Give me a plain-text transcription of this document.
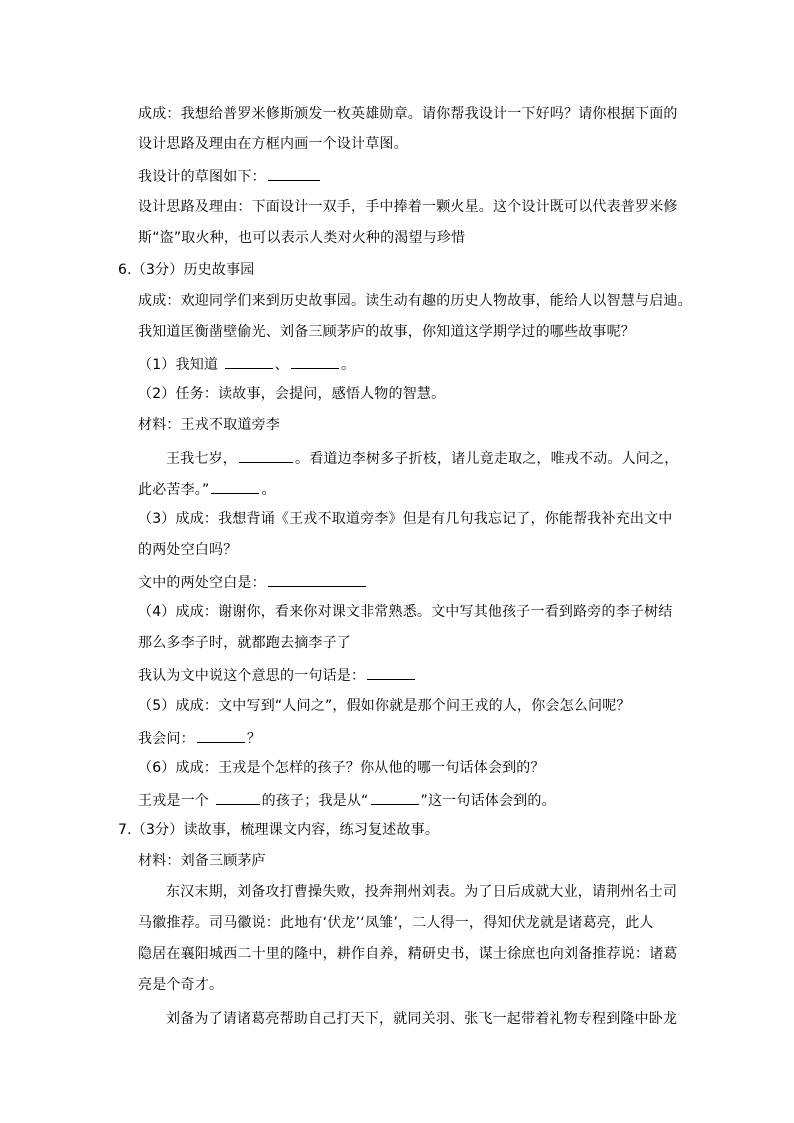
成成：我想给普罗米修斯颁发一枚英雄勋章。请你帮我设计一下好吗？请你根据下面的
设计思路及理由在方框内画一个设计草图。
我设计的草图如下：
设计思路及理由：下面设计一双手，手中捧着一颗火星。这个设计既可以代表普罗米修
斯“盗”取火种，也可以表示人类对火种的渴望与珍惜
6.（3分）历史故事园
成成：欢迎同学们来到历史故事园。读生动有趣的历史人物故事，能给人以智慧与启迪。
我知道匡衡凿壁偷光、刘备三顾茅庐的故事，你知道这学期学过的哪些故事呢？
（1）我知道	、	。
（2）任务：读故事，会提问，感悟人物的智慧。
材料：王戎不取道旁李
王我七岁，	。看道边李树多子折枝，诸儿竟走取之，唯戎不动。人问之，
此必苦李。”	。
（3）成成：我想背诵《王戎不取道旁李》但是有几句我忘记了，你能帮我补充出文中
的两处空白吗？
文中的两处空白是：
（4）成成：谢谢你，看来你对课文非常熟悉。文中写其他孩子一看到路旁的李子树结
那么多李子时，就都跑去摘李子了
我认为文中说这个意思的一句话是：
（5）成成：文中写到“人问之”，假如你就是那个问王戎的人，你会怎么问呢？
我会问：	？
（6）成成：王戎是个怎样的孩子？你从他的哪一句话体会到的？
王戎是一个	的孩子；我是从“	”这一句话体会到的。
7.（3分）读故事，梳理课文内容，练习复述故事。
材料：刘备三顾茅庐
东汉末期，刘备攻打曹操失败，投奔荆州刘表。为了日后成就大业，请荆州名士司
马徽推荐。司马徽说：此地有‘伏龙’‘凤雏’，二人得一，得知伏龙就是诸葛亮，此人
隐居在襄阳城西二十里的隆中，耕作自养，精研史书，谋士徐庶也向刘备推荐说：诸葛
亮是个奇才。
刘备为了请诸葛亮帮助自己打天下，就同关羽、张飞一起带着礼物专程到隆中卧龙
